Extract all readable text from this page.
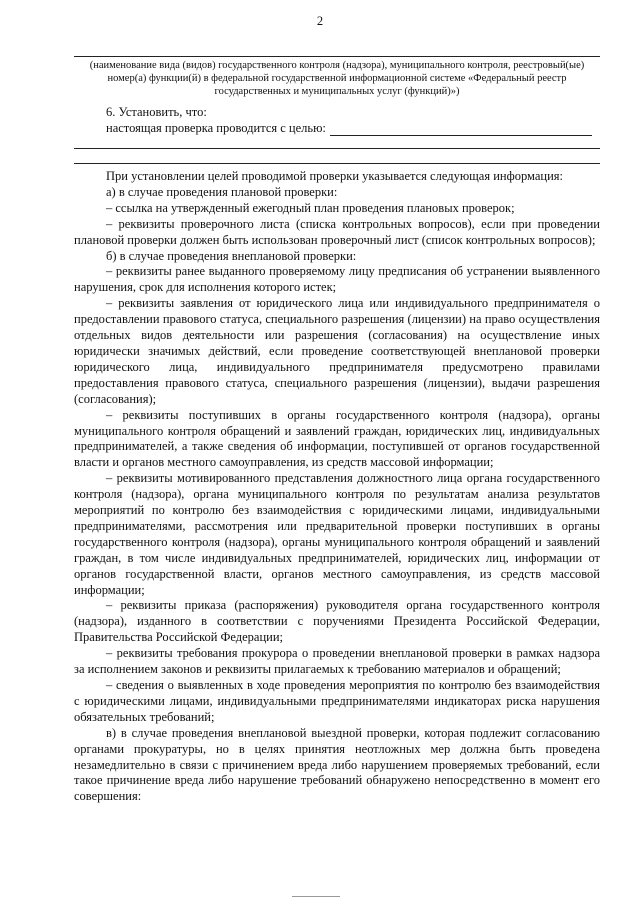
2
(наименование вида (видов) государственного контроля (надзора), муниципального контроля, реестровый(ые)
номер(а) функции(й) в федеральной государственной информационной системе «Федеральный реестр
государственных и муниципальных услуг (функций)»)
6. Установить, что:
настоящая проверка проводится с целью:

При установлении целей проводимой проверки указывается следующая информация:

а) в случае проведения плановой проверки:

– ссылка на утвержденный ежегодный план проведения плановых проверок;

– реквизиты проверочного листа (списка контрольных вопросов), если при проведении плановой проверки должен быть использован проверочный лист (список контрольных вопросов);

б) в случае проведения внеплановой проверки:

– реквизиты ранее выданного проверяемому лицу предписания об устранении выявленного нарушения, срок для исполнения которого истек;

– реквизиты заявления от юридического лица или индивидуального предпринимателя о предоставлении правового статуса, специального разрешения (лицензии) на право осуществления отдельных видов деятельности или разрешения (согласования) на осуществление иных юридически значимых действий, если проведение соответствующей внеплановой проверки юридического лица, индивидуального предпринимателя предусмотрено правилами предоставления правового статуса, специального разрешения (лицензии), выдачи разрешения (согласования);

– реквизиты поступивших в органы государственного контроля (надзора), органы муниципального контроля обращений и заявлений граждан, юридических лиц, индивидуальных предпринимателей, а также сведения об информации, поступившей от органов государственной власти и органов местного самоуправления, из средств массовой информации;

– реквизиты мотивированного представления должностного лица органа государственного контроля (надзора), органа муниципального контроля по результатам анализа результатов мероприятий по контролю без взаимодействия с юридическими лицами, индивидуальными предпринимателями, рассмотрения или предварительной проверки поступивших в органы государственного контроля (надзора), органы муниципального контроля обращений и заявлений граждан, в том числе индивидуальных предпринимателей, юридических лиц, информации от органов государственной власти, органов местного самоуправления, из средств массовой информации;

– реквизиты приказа (распоряжения) руководителя органа государственного контроля (надзора), изданного в соответствии с поручениями Президента Российской Федерации, Правительства Российской Федерации;

– реквизиты требования прокурора о проведении внеплановой проверки в рамках надзора за исполнением законов и реквизиты прилагаемых к требованию материалов и обращений;

– сведения о выявленных в ходе проведения мероприятия по контролю без взаимодействия с юридическими лицами, индивидуальными предпринимателями индикаторах риска нарушения обязательных требований;

в) в случае проведения внеплановой выездной проверки, которая подлежит согласованию органами прокуратуры, но в целях принятия неотложных мер должна быть проведена незамедлительно в связи с причинением вреда либо нарушением проверяемых требований, если такое причинение вреда либо нарушение требований обнаружено непосредственно в момент его совершения:
